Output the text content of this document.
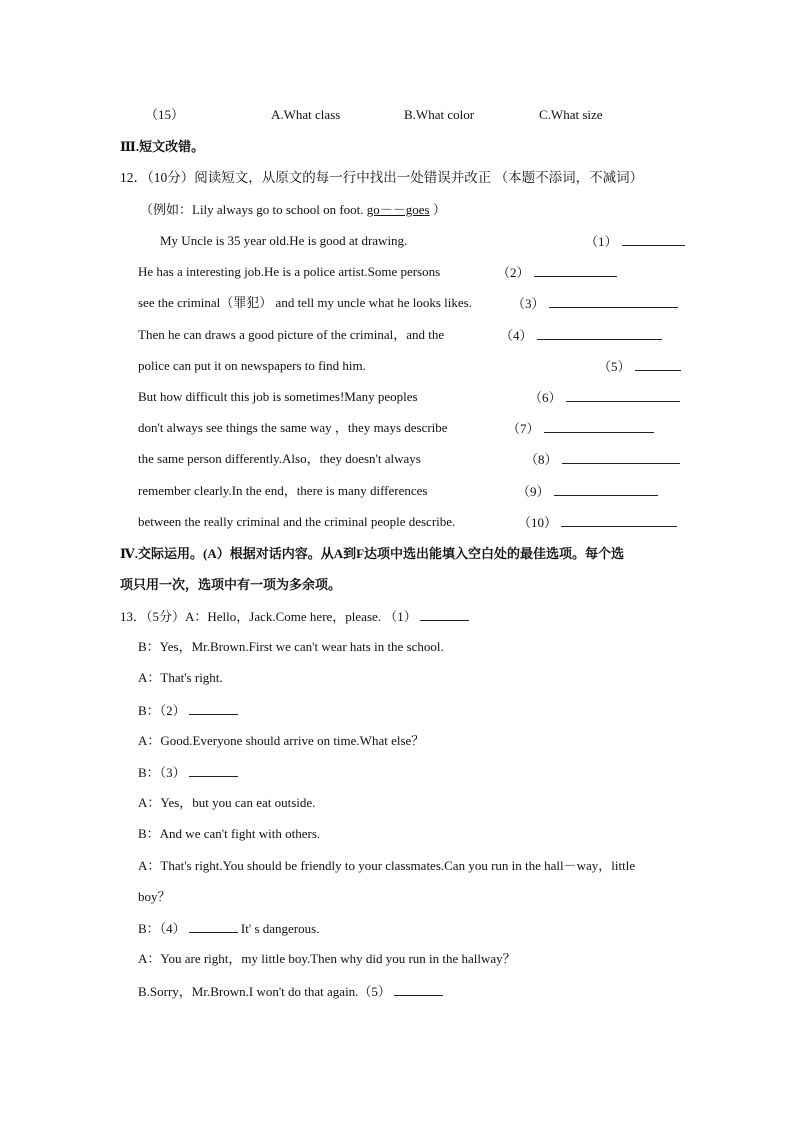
（15）	A.What class	B.What color	C.What size
Ⅲ.短文改错。
12．（10分）阅读短文，从原文的每一行中找出一处错误并改正 （本题不添词，不减词）
（例如：Lily always go to school on foot. go－－goes ）
My Uncle is 35 year old.He is good at drawing.	（1）
He has a interesting job.He is a police artist.Some persons	（2）
see the criminal（罪犯） and tell my uncle what he looks likes.	（3）
Then he can draws a good picture of the criminal，and the	（4）
police can put it on newspapers to find him.	（5）
But how difficult this job is sometimes!Many peoples	（6）
don't always see things the same way ，they mays describe	（7）
the same person differently.Also，they doesn't always	（8）
remember clearly.In the end，there is many differences	（9）
between the really criminal and the criminal people describe.	（10）
Ⅳ.交际运用。(A）根据对话内容。从A到F达项中选出能填入空白处的最佳选项。每个选
项只用一次，选项中有一项为多余项。
13．（5分）A：Hello，Jack.Come here，please. （1）
B：Yes，Mr.Brown.First we can't wear hats in the school.
A：That's right.
B：（2）
A：Good.Everyone should arrive on time.What else？
B：（3）
A：Yes，but you can eat outside.
B：And we can't fight with others.
A：That's right.You should be friendly to your classmates.Can you run in the hall－way，little
boy？
B：（4）	It' s dangerous.
A：You are right，my little boy.Then why did you run in the hallway？
B.Sorry，Mr.Brown.I won't do that again.（5）
